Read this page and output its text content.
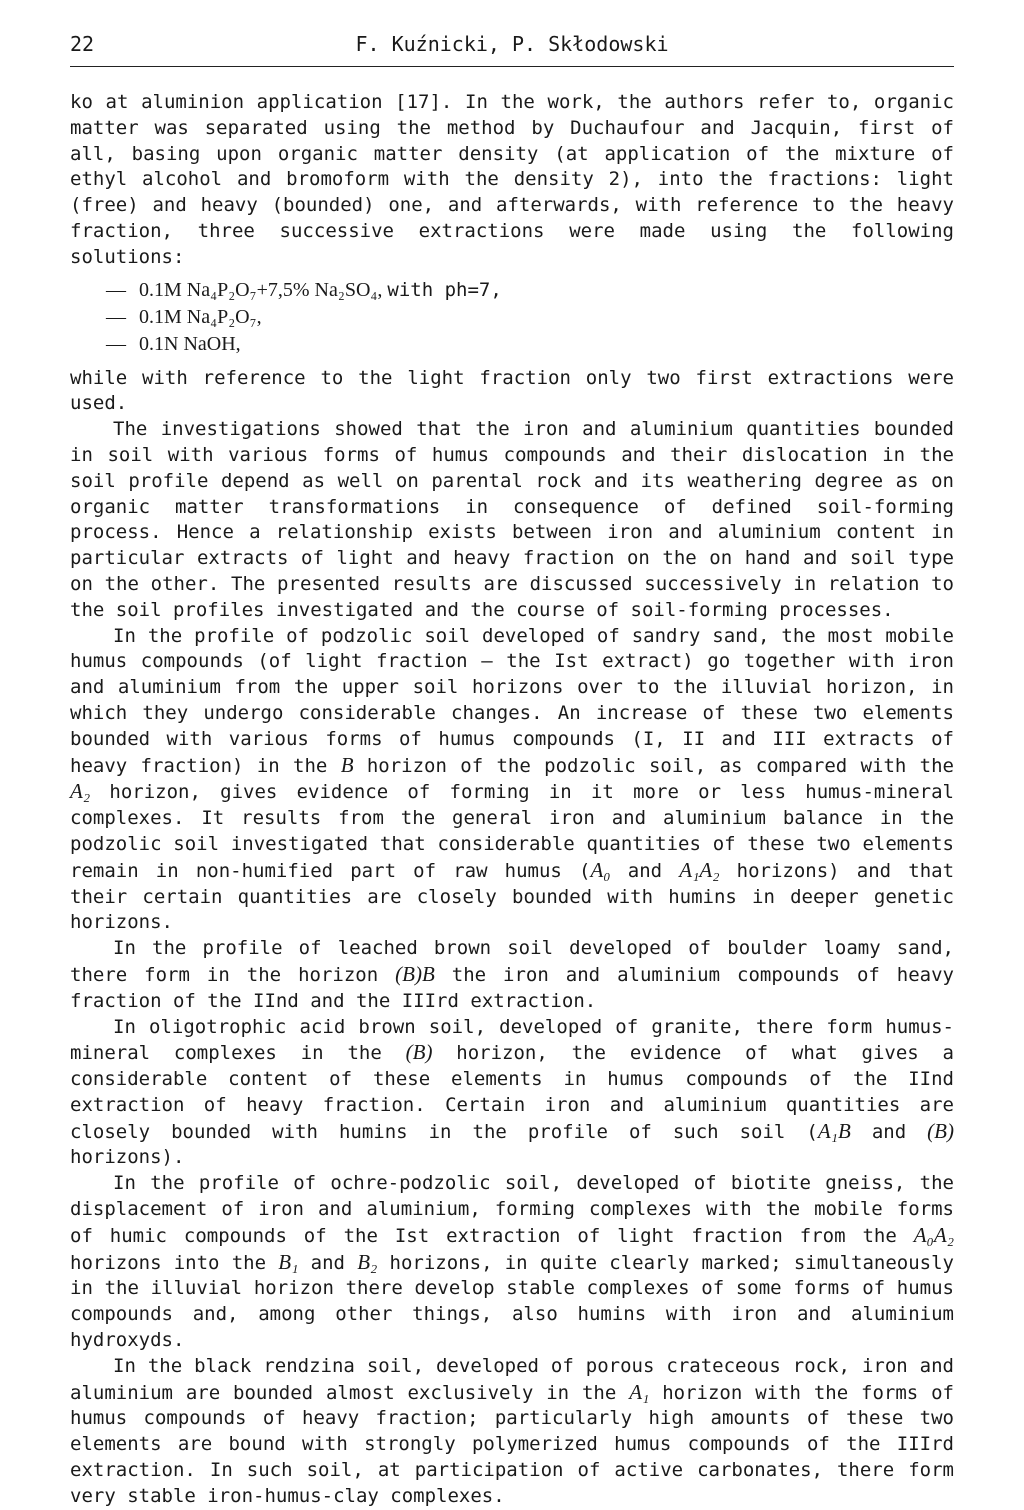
22	F. Kuźnicki, P. Skłodowski

ko at aluminion application [17]. In the work, the authors refer to, organic matter was separated using the method by Duchaufour and Jacquin, first of all, basing upon organic matter density (at application of the mixture of ethyl alcohol and bromoform with the density 2), into the fractions: light (free) and heavy (bounded) one, and afterwards, with reference to the heavy fraction, three successive extractions were made using the following solutions:

— 0.1M Na₄P₂O₇+7,5% Na₂SO₄, with ph=7,
— 0.1M Na₄P₂O₇,
— 0.1N NaOH,

while with reference to the light fraction only two first extractions were used.

The investigations showed that the iron and aluminium quantities bounded in soil with various forms of humus compounds and their dislocation in the soil profile depend as well on parental rock and its weathering degree as on organic matter transformations in consequence of defined soil-forming process. Hence a relationship exists between iron and aluminium content in particular extracts of light and heavy fraction on the on hand and soil type on the other. The presented results are discussed successively in relation to the soil profiles investigated and the course of soil-forming processes.

In the profile of podzolic soil developed of sandry sand, the most mobile humus compounds (of light fraction — the Ist extract) go together with iron and aluminium from the upper soil horizons over to the illuvial horizon, in which they undergo considerable changes. An increase of these two elements bounded with various forms of humus compounds (I, II and III extracts of heavy fraction) in the B horizon of the podzolic soil, as compared with the A₂ horizon, gives evidence of forming in it more or less humus-mineral complexes. It results from the general iron and aluminium balance in the podzolic soil investigated that considerable quantities of these two elements remain in non-humified part of raw humus (A₀ and A₁A₂ horizons) and that their certain quantities are closely bounded with humins in deeper genetic horizons.

In the profile of leached brown soil developed of boulder loamy sand, there form in the horizon (B)B the iron and aluminium compounds of heavy fraction of the IInd and the IIIrd extraction.

In oligotrophic acid brown soil, developed of granite, there form humus-mineral complexes in the (B) horizon, the evidence of what gives a considerable content of these elements in humus compounds of the IInd extraction of heavy fraction. Certain iron and aluminium quantities are closely bounded with humins in the profile of such soil (A₁B and (B) horizons).

In the profile of ochre-podzolic soil, developed of biotite gneiss, the displacement of iron and aluminium, forming complexes with the mobile forms of humic compounds of the Ist extraction of light fraction from the A₀A₂ horizons into the B₁ and B₂ horizons, in quite clearly marked; simultaneously in the illuvial horizon there develop stable complexes of some forms of humus compounds and, among other things, also humins with iron and aluminium hydroxyds.

In the black rendzina soil, developed of porous crateceous rock, iron and aluminium are bounded almost exclusively in the A₁ horizon with the forms of humus compounds of heavy fraction; particularly high amounts of these two elements are bound with strongly polymerized humus compounds of the IIIrd extraction. In such soil, at participation of active carbonates, there form very stable iron-humus-clay complexes.
